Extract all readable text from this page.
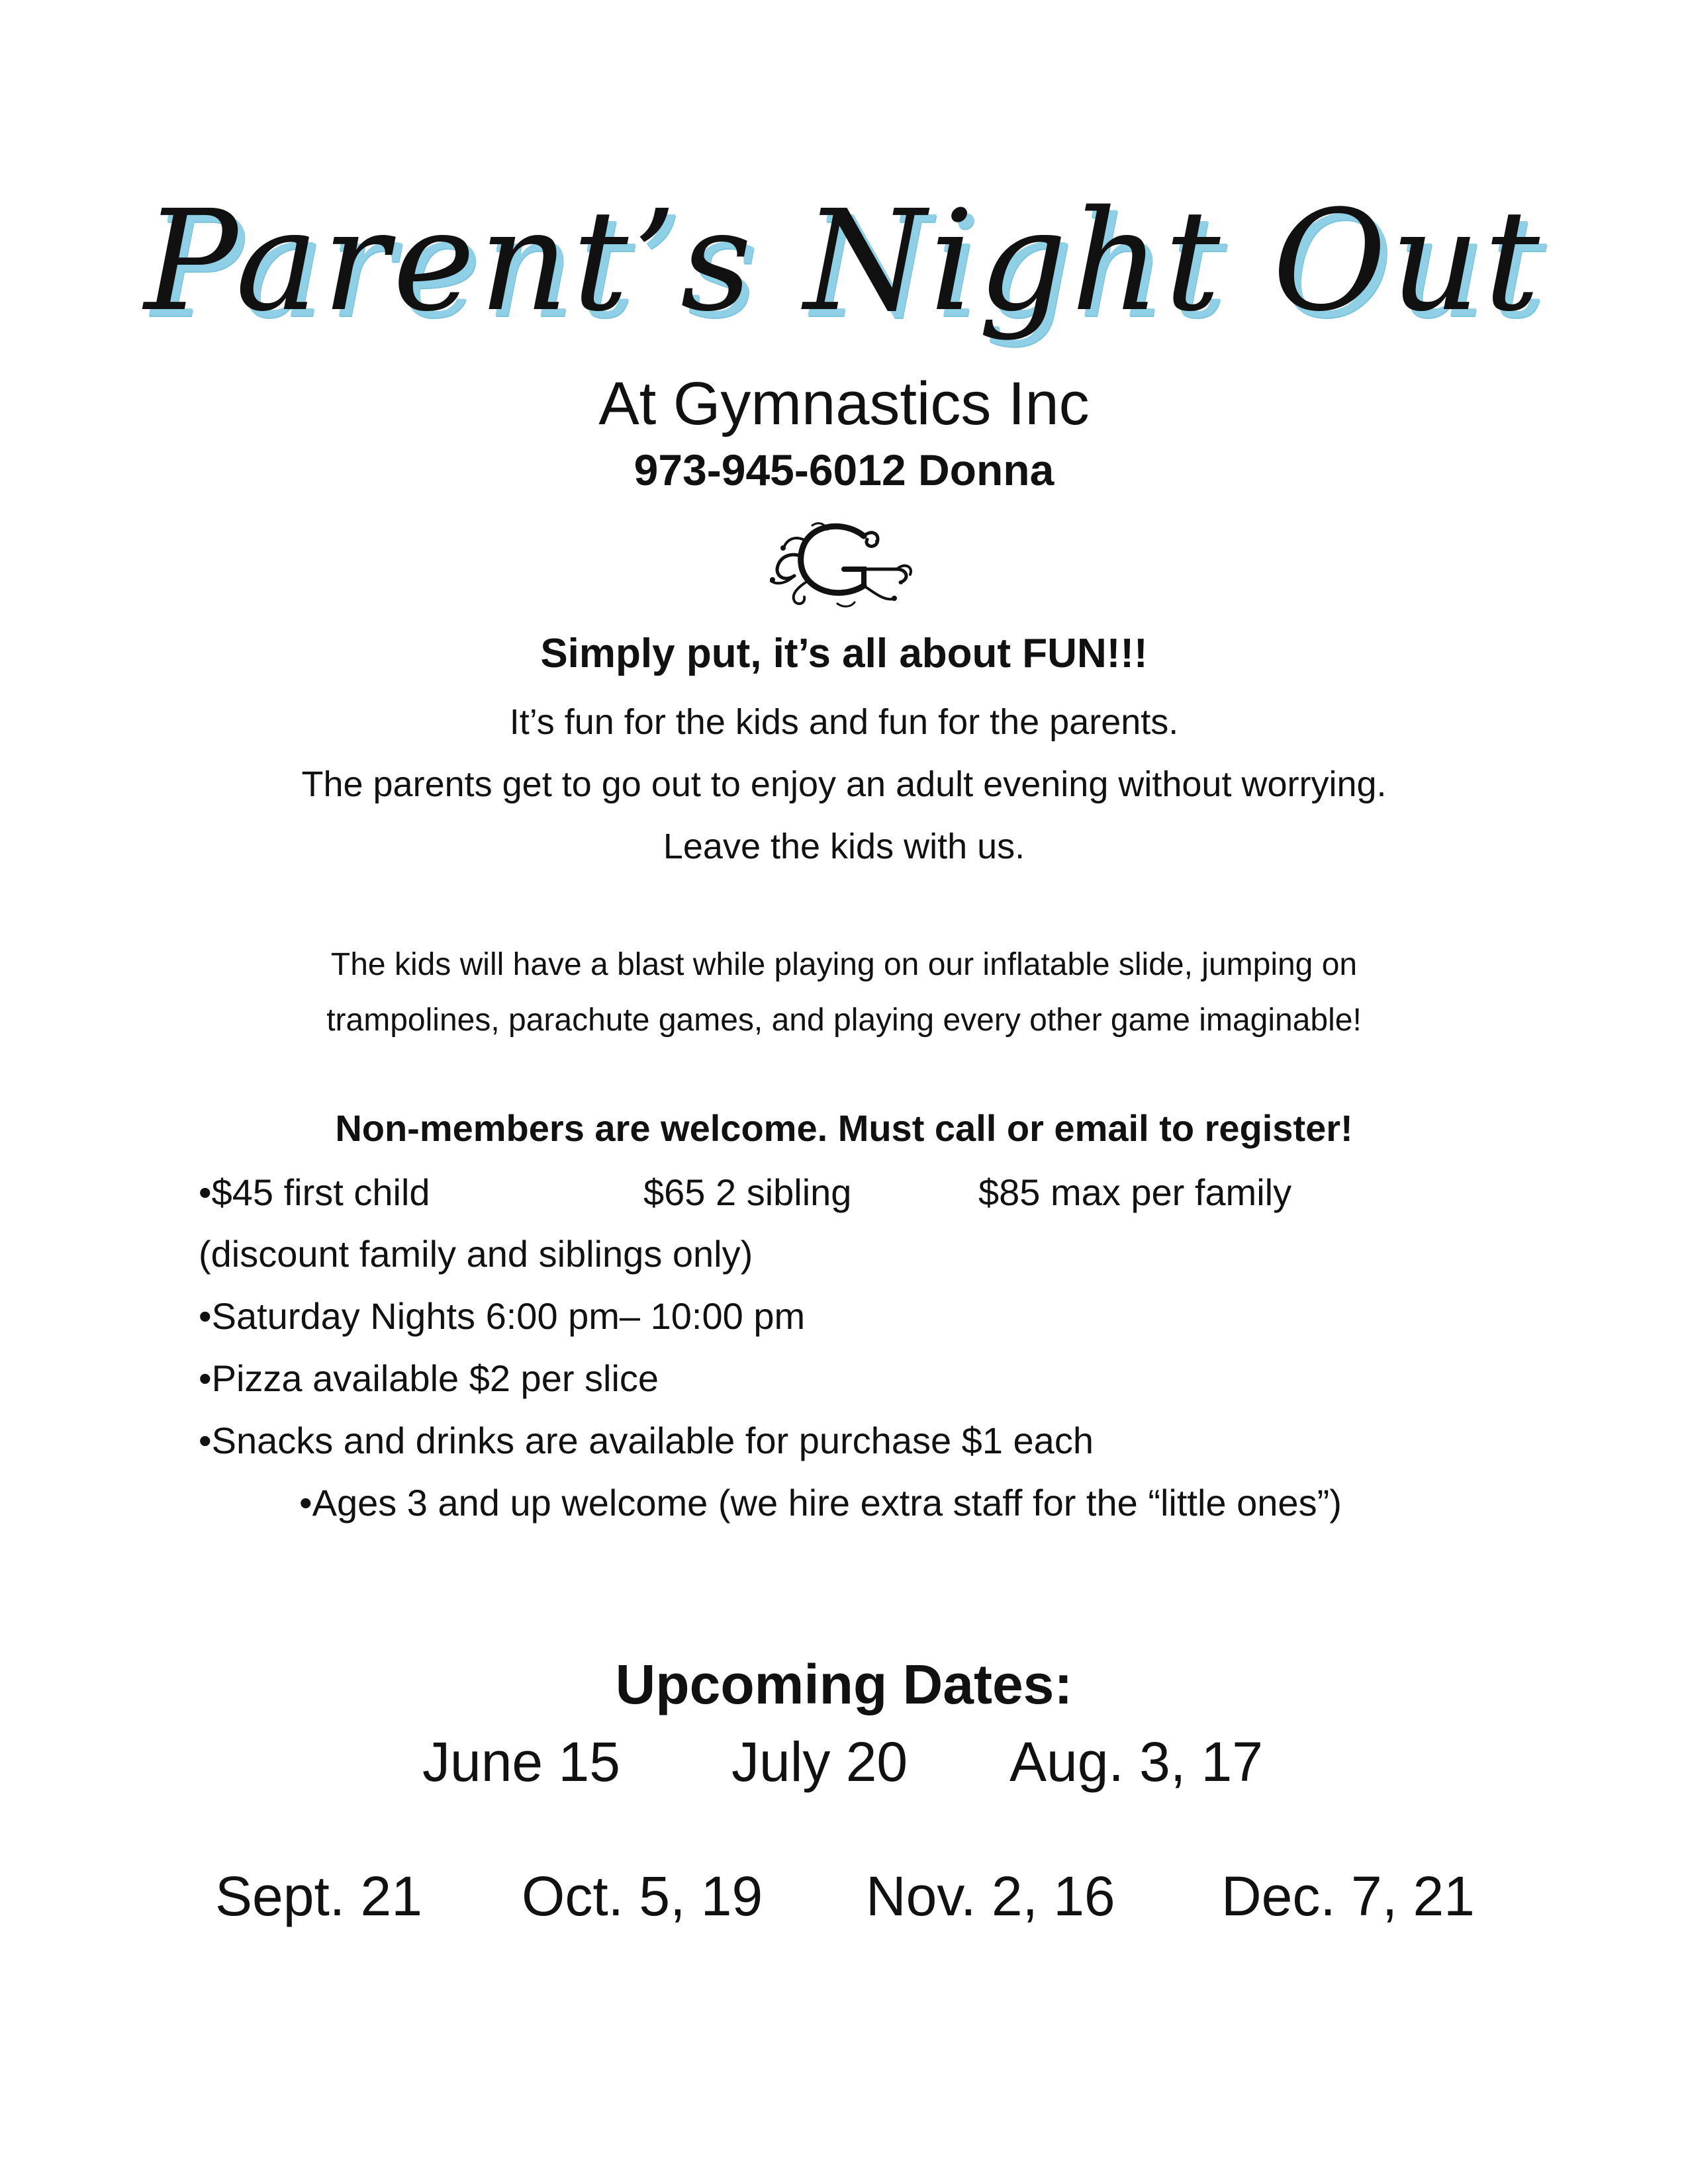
Parent’s Night Out
At Gymnastics Inc
973-945-6012 Donna
Simply put, it’s all about FUN!!!
It’s fun for the kids and fun for the parents.
The parents get to go out to enjoy an adult evening without worrying.
Leave the kids with us.
The kids will have a blast while playing on our inflatable slide, jumping on
trampolines, parachute games, and playing every other game imaginable!
Non-members are welcome. Must call or email to register!
•$45 first child	$65 2 sibling	$85 max per family
(discount family and siblings only)
•Saturday Nights 6:00 pm– 10:00 pm
•Pizza available $2 per slice
•Snacks and drinks are available for purchase $1 each
•Ages 3 and up welcome (we hire extra staff for the “little ones”)
Upcoming Dates:
June 15 July 20 Aug. 3, 17
Sept. 21 Oct. 5, 19 Nov. 2, 16 Dec. 7, 21
